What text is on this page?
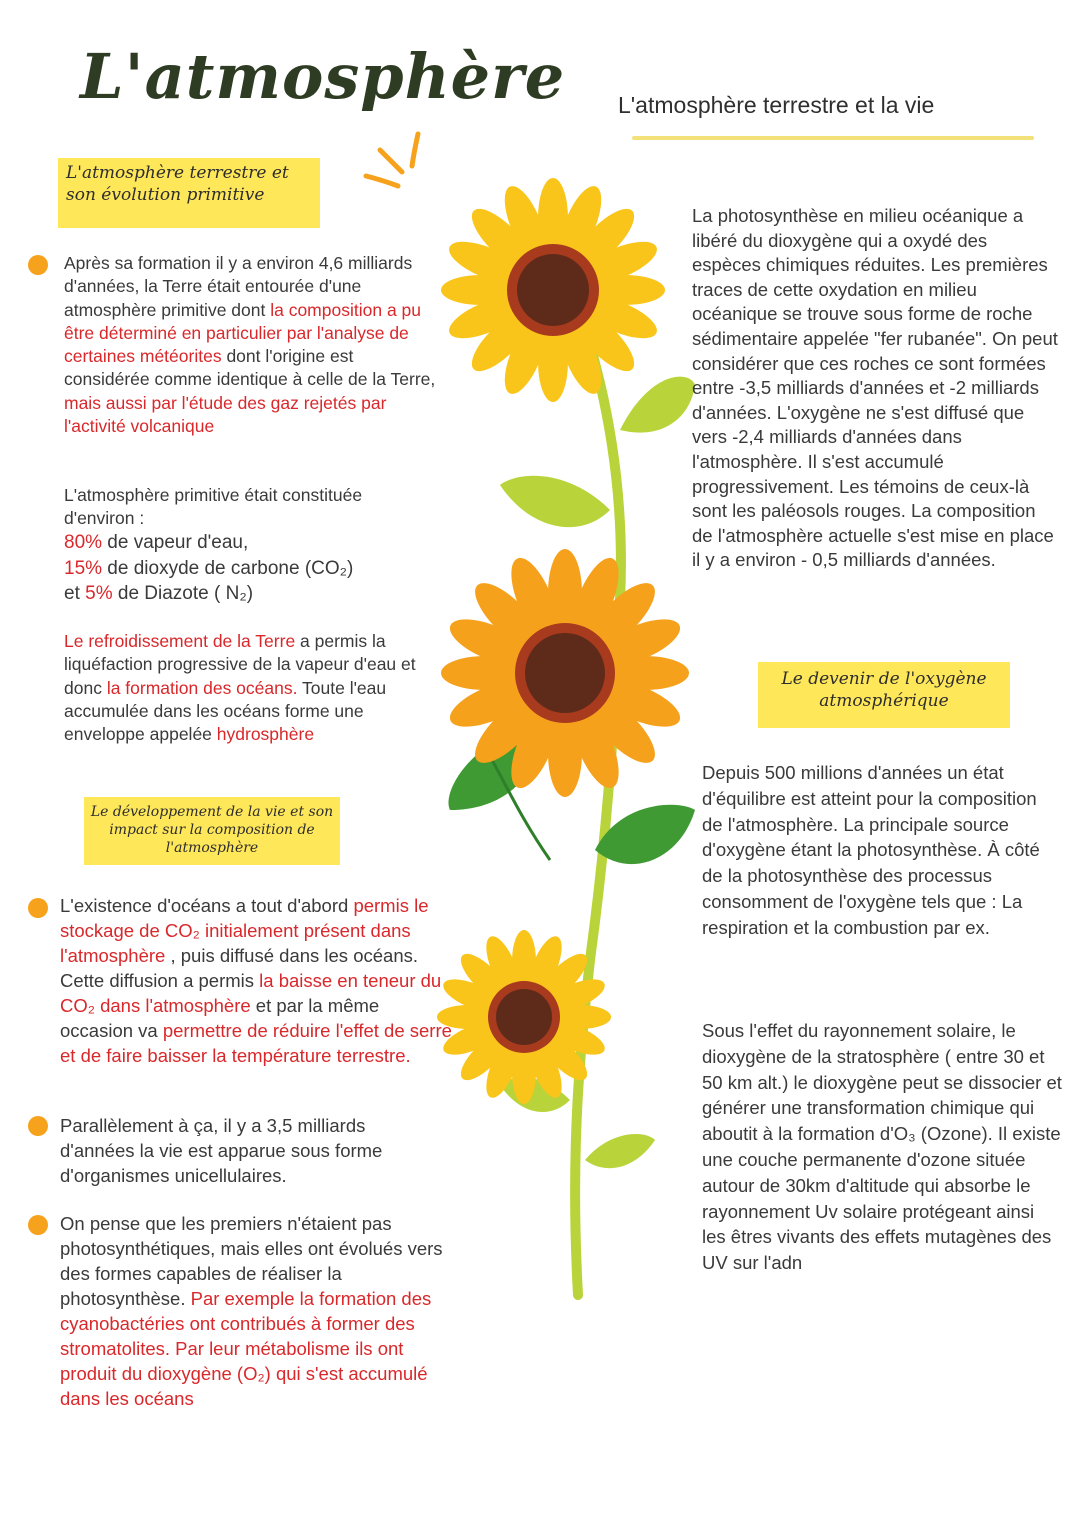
L'atmosphère L'atmosphère terrestre et la vie
L'atmosphère terrestre et son évolution primitive
Le développement de la vie et son impact sur la composition de l'atmosphère
Le devenir de l'oxygène atmosphérique

Après sa formation il y a environ 4,6 milliards d'années, la Terre était entourée d'une atmosphère primitive dont la composition a pu être déterminé en particulier par l'analyse de certaines météorites dont l'origine est considérée comme identique à celle de la Terre, mais aussi par l'étude des gaz rejetés par l'activité volcanique

L'atmosphère primitive était constituée d'environ :

80% de vapeur d'eau,
15% de dioxyde de carbone (CO₂)
et 5% de Diazote ( N₂)

Le refroidissement de la Terre a permis la liquéfaction progressive de la vapeur d'eau et donc la formation des océans. Toute l'eau accumulée dans les océans forme une enveloppe appelée hydrosphère

L'existence d'océans a tout d'abord permis le stockage de CO₂ initialement présent dans l'atmosphère , puis diffusé dans les océans. Cette diffusion a permis la baisse en teneur du CO₂ dans l'atmosphère et par la même occasion va permettre de réduire l'effet de serre et de faire baisser la température terrestre.

Parallèlement à ça, il y a 3,5 milliards d'années la vie est apparue sous forme d'organismes unicellulaires.

On pense que les premiers n'étaient pas photosynthétiques, mais elles ont évolués vers des formes capables de réaliser la photosynthèse. Par exemple la formation des cyanobactéries ont contribués à former des stromatolites. Par leur métabolisme ils ont produit du dioxygène (O₂) qui s'est accumulé dans les océans

La photosynthèse en milieu océanique a libéré du dioxygène qui a oxydé des espèces chimiques réduites. Les premières traces de cette oxydation en milieu océanique se trouve sous forme de roche sédimentaire appelée "fer rubanée". On peut considérer que ces roches ce sont formées entre -3,5 milliards d'années et -2 milliards d'années. L'oxygène ne s'est diffusé que vers -2,4 milliards d'années dans l'atmosphère. Il s'est accumulé progressivement. Les témoins de ceux-là sont les paléosols rouges. La composition de l'atmosphère actuelle s'est mise en place il y a environ - 0,5 milliards d'années.

Depuis 500 millions d'années un état d'équilibre est atteint pour la composition de l'atmosphère. La principale source d'oxygène étant la photosynthèse. À côté de la photosynthèse des processus consomment de l'oxygène tels que : La respiration et la combustion par ex.

Sous l'effet du rayonnement solaire, le dioxygène de la stratosphère ( entre 30 et 50 km alt.) le dioxygène peut se dissocier et générer une transformation chimique qui aboutit à la formation d'O₃ (Ozone). Il existe une couche permanente d'ozone située autour de 30km d'altitude qui absorbe le rayonnement Uv solaire protégeant ainsi les êtres vivants des effets mutagènes des UV sur l'adn
